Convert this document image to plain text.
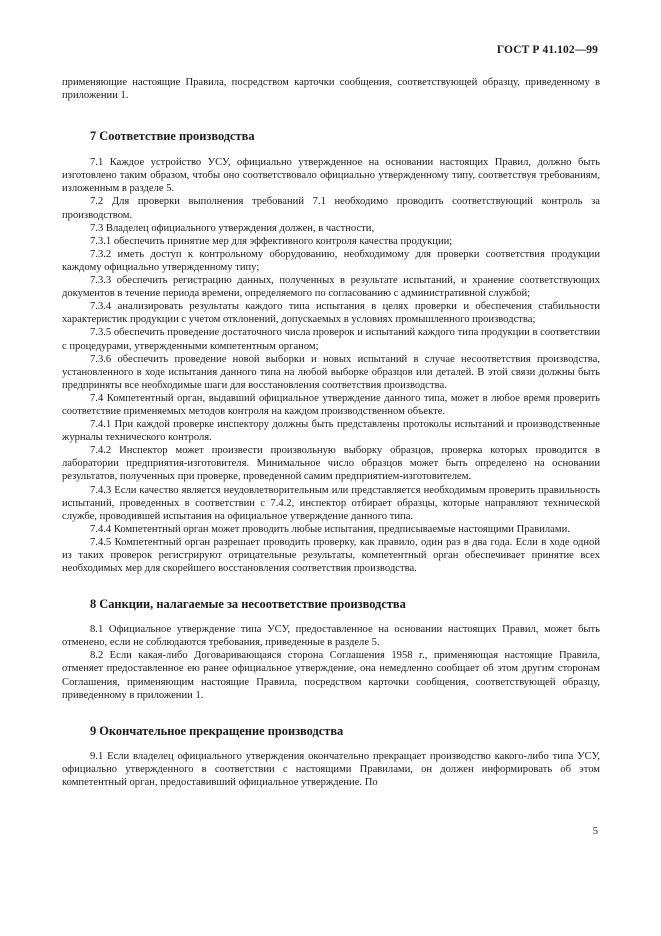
ГОСТ Р 41.102—99

применяющие настоящие Правила, посредством карточки сообщения, соответствующей образцу, приведенному в приложении 1.

7 Соответствие производства

7.1 Каждое устройство УСУ, официально утвержденное на основании настоящих Правил, должно быть изготовлено таким образом, чтобы оно соответствовало официально утвержденному типу, соответствуя требованиям, изложенным в разделе 5.

7.2 Для проверки выполнения требований 7.1 необходимо проводить соответствующий контроль за производством.

7.3 Владелец официального утверждения должен, в частности,

7.3.1 обеспечить принятие мер для эффективного контроля качества продукции;

7.3.2 иметь доступ к контрольному оборудованию, необходимому для проверки соответствия продукции каждому официально утвержденному типу;

7.3.3 обеспечить регистрацию данных, полученных в результате испытаний, и хранение соответствующих документов в течение периода времени, определяемого по согласованию с административной службой;

7.3.4 анализировать результаты каждого типа испытания в целях проверки и обеспечения стабильности характеристик продукции с учетом отклонений, допускаемых в условиях промышленного производства;

7.3.5 обеспечить проведение достаточного числа проверок и испытаний каждого типа продукции в соответствии с процедурами, утвержденными компетентным органом;

7.3.6 обеспечить проведение новой выборки и новых испытаний в случае несоответствия производства, установленного в ходе испытания данного типа на любой выборке образцов или деталей. В этой связи должны быть предприняты все необходимые шаги для восстановления соответствия производства.

7.4 Компетентный орган, выдавший официальное утверждение данного типа, может в любое время проверить соответствие применяемых методов контроля на каждом производственном объекте.

7.4.1 При каждой проверке инспектору должны быть представлены протоколы испытаний и производственные журналы технического контроля.

7.4.2 Инспектор может произвести произвольную выборку образцов, проверка которых проводится в лаборатории предприятия-изготовителя. Минимальное число образцов может быть определено на основании результатов, полученных при проверке, проведенной самим предприятием-изготовителем.

7.4.3 Если качество является неудовлетворительным или представляется необходимым проверить правильность испытаний, проведенных в соответствии с 7.4.2, инспектор отбирает образцы, которые направляют технической службе, проводившей испытания на официальное утверждение данного типа.

7.4.4 Компетентный орган может проводить любые испытания, предписываемые настоящими Правилами.

7.4.5 Компетентный орган разрешает проводить проверку, как правило, один раз в два года. Если в ходе одной из таких проверок регистрируют отрицательные результаты, компетентный орган обеспечивает принятие всех необходимых мер для скорейшего восстановления соответствия производства.

8 Санкции, налагаемые за несоответствие производства

8.1 Официальное утверждение типа УСУ, предоставленное на основании настоящих Правил, может быть отменено, если не соблюдаются требования, приведенные в разделе 5.

8.2 Если какая-либо Договаривающаяся сторона Соглашения 1958 г., применяющая настоящие Правила, отменяет предоставленное ею ранее официальное утверждение, она немедленно сообщает об этом другим сторонам Соглашения, применяющим настоящие Правила, посредством карточки сообщения, соответствующей образцу, приведенному в приложении 1.

9 Окончательное прекращение производства

9.1 Если владелец официального утверждения окончательно прекращает производство какого-либо типа УСУ, официально утвержденного в соответствии с настоящими Правилами, он должен информировать об этом компетентный орган, предоставивший официальное утверждение. По

5
